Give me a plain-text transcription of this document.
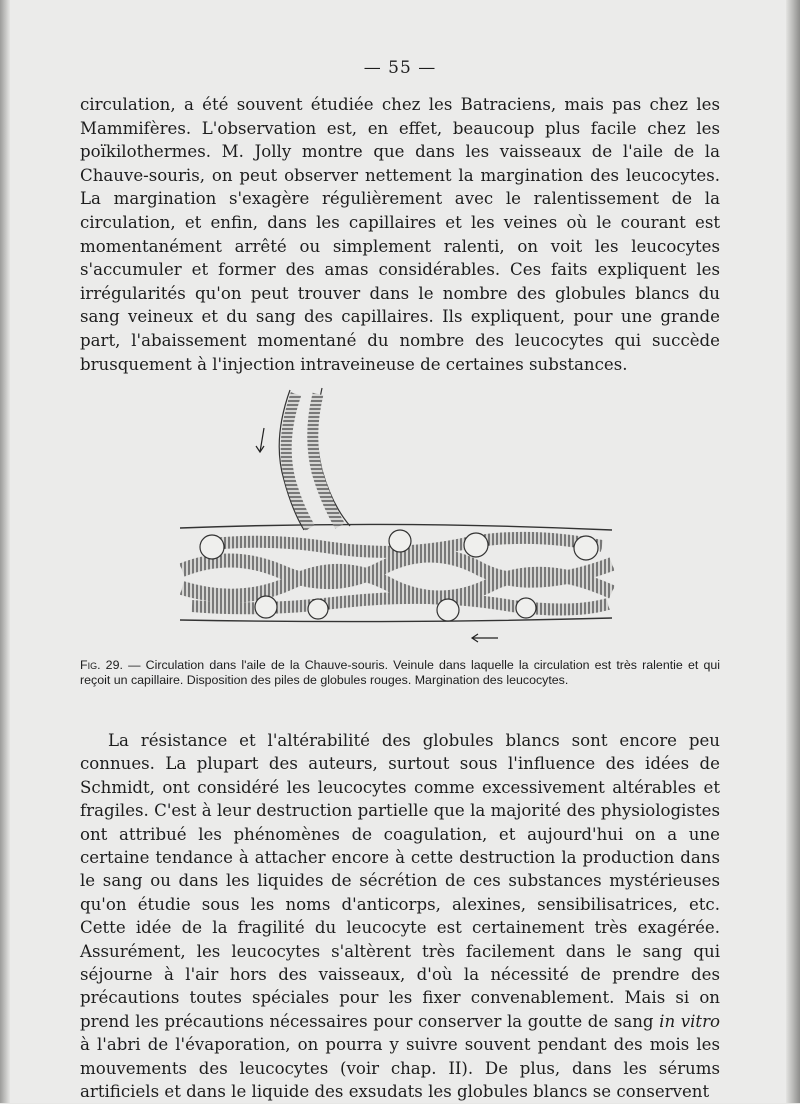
— 55 —

circulation, a été souvent étudiée chez les Batraciens, mais pas chez les Mammifères. L'observation est, en effet, beaucoup plus facile chez les poïkilothermes. M. Jolly montre que dans les vaisseaux de l'aile de la Chauve-souris, on peut observer nettement la margination des leucocytes. La margination s'exagère régulièrement avec le ralentissement de la circulation, et enfin, dans les capillaires et les veines où le courant est momentanément arrêté ou simplement ralenti, on voit les leucocytes s'accumuler et former des amas considérables. Ces faits expliquent les irrégularités qu'on peut trouver dans le nombre des globules blancs du sang veineux et du sang des capillaires. Ils expliquent, pour une grande part, l'abaissement momentané du nombre des leucocytes qui succède brusquement à l'injection intraveineuse de certaines substances.

Fig. 29. — Circulation dans l'aile de la Chauve-souris. Veinule dans laquelle la circulation est très ralentie et qui reçoit un capillaire. Disposition des piles de globules rouges. Margination des leucocytes.

La résistance et l'altérabilité des globules blancs sont encore peu connues. La plupart des auteurs, surtout sous l'influence des idées de Schmidt, ont considéré les leucocytes comme excessivement altérables et fragiles. C'est à leur destruction partielle que la majorité des physiologistes ont attribué les phénomènes de coagulation, et aujourd'hui on a une certaine tendance à attacher encore à cette destruction la production dans le sang ou dans les liquides de sécrétion de ces substances mystérieuses qu'on étudie sous les noms d'anticorps, alexines, sensibilisatrices, etc. Cette idée de la fragilité du leucocyte est certainement très exagérée. Assurément, les leucocytes s'altèrent très facilement dans le sang qui séjourne à l'air hors des vaisseaux, d'où la nécessité de prendre des précautions toutes spéciales pour les fixer convenablement. Mais si on prend les précautions nécessaires pour conserver la goutte de sang in vitro à l'abri de l'évaporation, on pourra y suivre souvent pendant des mois les mouvements des leucocytes (voir chap. II). De plus, dans les sérums artificiels et dans le liquide des exsudats les globules blancs se conservent
